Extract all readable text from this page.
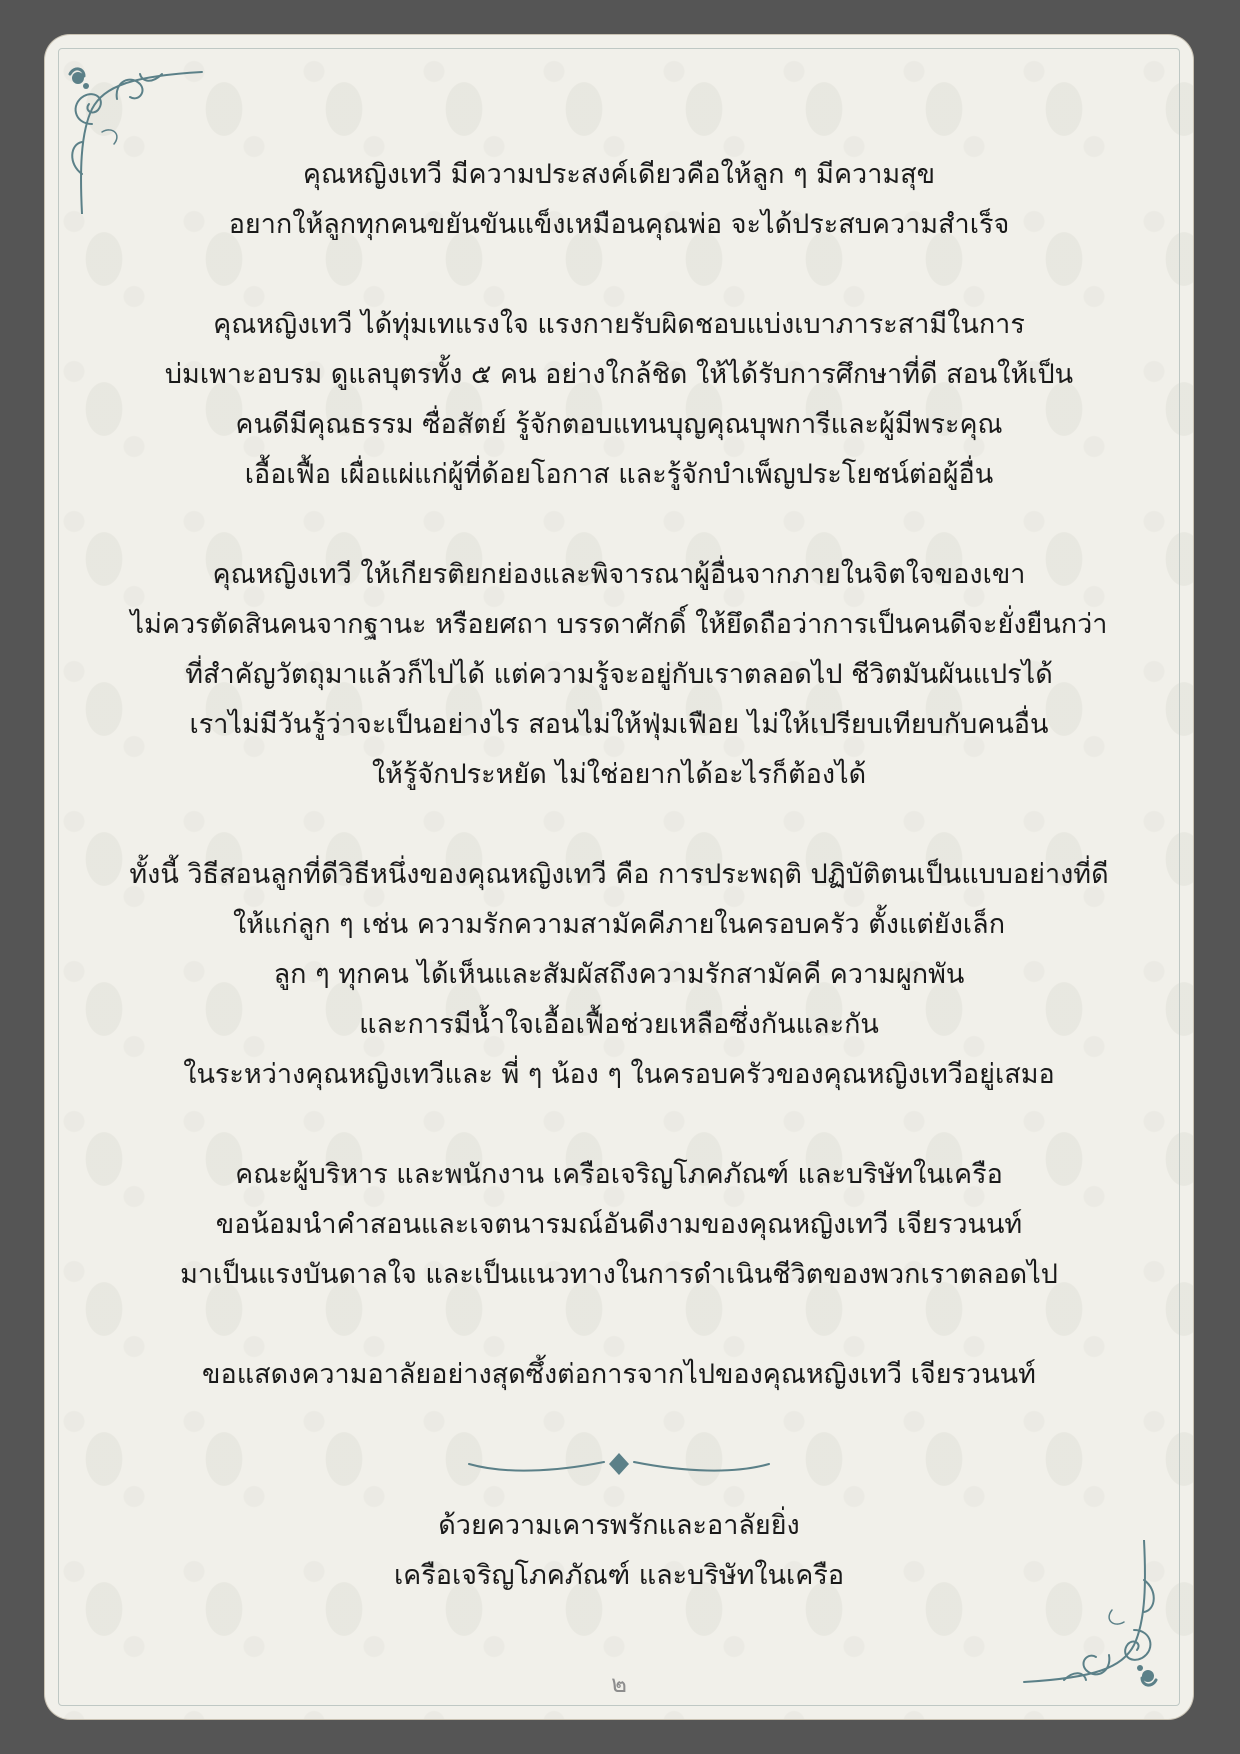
คุณหญิงเทวี มีความประสงค์เดียวคือให้ลูก ๆ มีความสุข

อยากให้ลูกทุกคนขยันขันแข็งเหมือนคุณพ่อ จะได้ประสบความสำเร็จ

คุณหญิงเทวี ได้ทุ่มเทแรงใจ แรงกายรับผิดชอบแบ่งเบาภาระสามีในการ

บ่มเพาะอบรม ดูแลบุตรทั้ง ๕ คน อย่างใกล้ชิด ให้ได้รับการศึกษาที่ดี สอนให้เป็น

คนดีมีคุณธรรม ซื่อสัตย์ รู้จักตอบแทนบุญคุณบุพการีและผู้มีพระคุณ

เอื้อเฟื้อ เผื่อแผ่แก่ผู้ที่ด้อยโอกาส และรู้จักบำเพ็ญประโยชน์ต่อผู้อื่น

คุณหญิงเทวี ให้เกียรติยกย่องและพิจารณาผู้อื่นจากภายในจิตใจของเขา

ไม่ควรตัดสินคนจากฐานะ หรือยศถา บรรดาศักดิ์ ให้ยึดถือว่าการเป็นคนดีจะยั่งยืนกว่า

ที่สำคัญวัตถุมาแล้วก็ไปได้ แต่ความรู้จะอยู่กับเราตลอดไป ชีวิตมันผันแปรได้

เราไม่มีวันรู้ว่าจะเป็นอย่างไร สอนไม่ให้ฟุ่มเฟือย ไม่ให้เปรียบเทียบกับคนอื่น

ให้รู้จักประหยัด ไม่ใช่อยากได้อะไรก็ต้องได้

ทั้งนี้ วิธีสอนลูกที่ดีวิธีหนึ่งของคุณหญิงเทวี คือ การประพฤติ ปฏิบัติตนเป็นแบบอย่างที่ดี

ให้แก่ลูก ๆ เช่น ความรักความสามัคคีภายในครอบครัว ตั้งแต่ยังเล็ก

ลูก ๆ ทุกคน ได้เห็นและสัมผัสถึงความรักสามัคคี ความผูกพัน

และการมีน้ำใจเอื้อเฟื้อช่วยเหลือซึ่งกันและกัน

ในระหว่างคุณหญิงเทวีและ พี่ ๆ น้อง ๆ ในครอบครัวของคุณหญิงเทวีอยู่เสมอ

คณะผู้บริหาร และพนักงาน เครือเจริญโภคภัณฑ์ และบริษัทในเครือ

ขอน้อมนำคำสอนและเจตนารมณ์อันดีงามของคุณหญิงเทวี เจียรวนนท์

มาเป็นแรงบันดาลใจ และเป็นแนวทางในการดำเนินชีวิตของพวกเราตลอดไป

ขอแสดงความอาลัยอย่างสุดซึ้งต่อการจากไปของคุณหญิงเทวี เจียรวนนท์

ด้วยความเคารพรักและอาลัยยิ่ง

เครือเจริญโภคภัณฑ์ และบริษัทในเครือ

๒
